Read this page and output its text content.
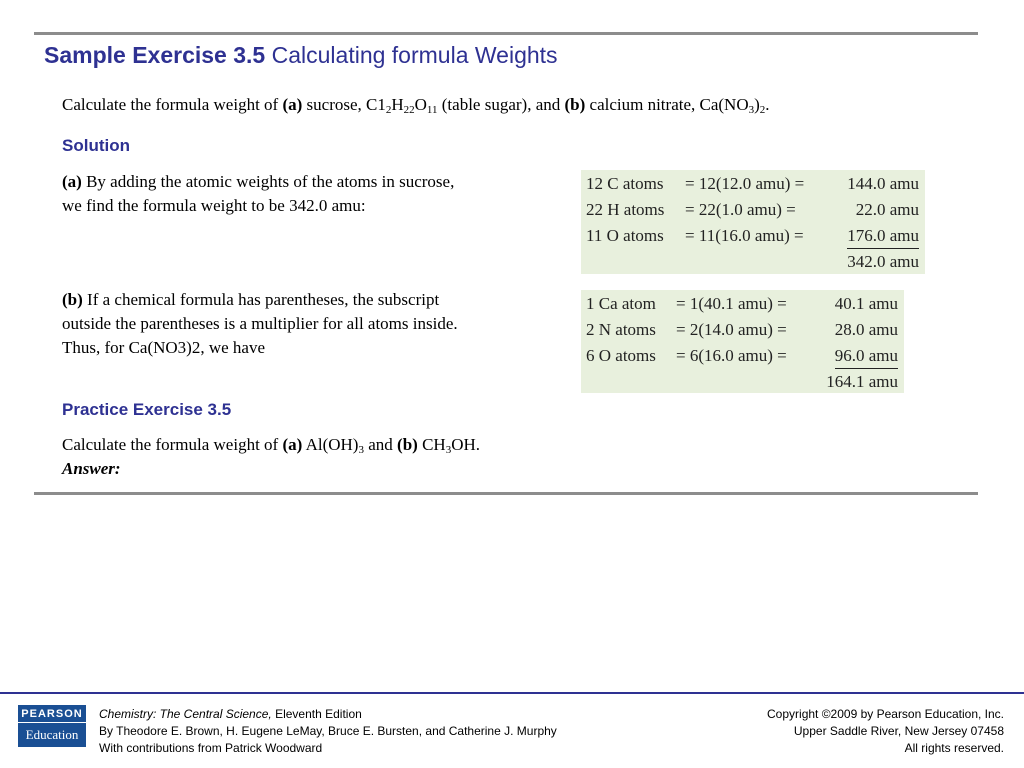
Sample Exercise 3.5 Calculating formula Weights
Calculate the formula weight of (a) sucrose, $C1_2H_{22}O_{11}$ (table sugar), and (b) calcium nitrate, $Ca(NO_3)_2$.
Solution
(a) By adding the atomic weights of the atoms in sucrose,
we find the formula weight to be 342.0 amu:
12 C atoms = 12(12.0 amu) =	144.0 amu
22 H atoms = 22(1.0 amu) =	22.0 amu
11 O atoms = 11(16.0 amu) =	176.0 amu
342.0 amu
(b) If a chemical formula has parentheses, the subscript
outside the parentheses is a multiplier for all atoms inside.
Thus, for Ca(NO3)2, we have
1 Ca atom = 1(40.1 amu) =	40.1 amu
2 N atoms = 2(14.0 amu) =	28.0 amu
6 O atoms = 6(16.0 amu) =	96.0 amu
164.1 amu
Practice Exercise 3.5
Calculate the formula weight of (a) $Al(OH)_3$ and (b) $CH_3OH$.
Answer:
PEARSON
Education
Chemistry: The Central Science, Eleventh Edition
By Theodore E. Brown, H. Eugene LeMay, Bruce E. Bursten, and Catherine J. Murphy
With contributions from Patrick Woodward
Copyright ©2009 by Pearson Education, Inc.
Upper Saddle River, New Jersey 07458
All rights reserved.
